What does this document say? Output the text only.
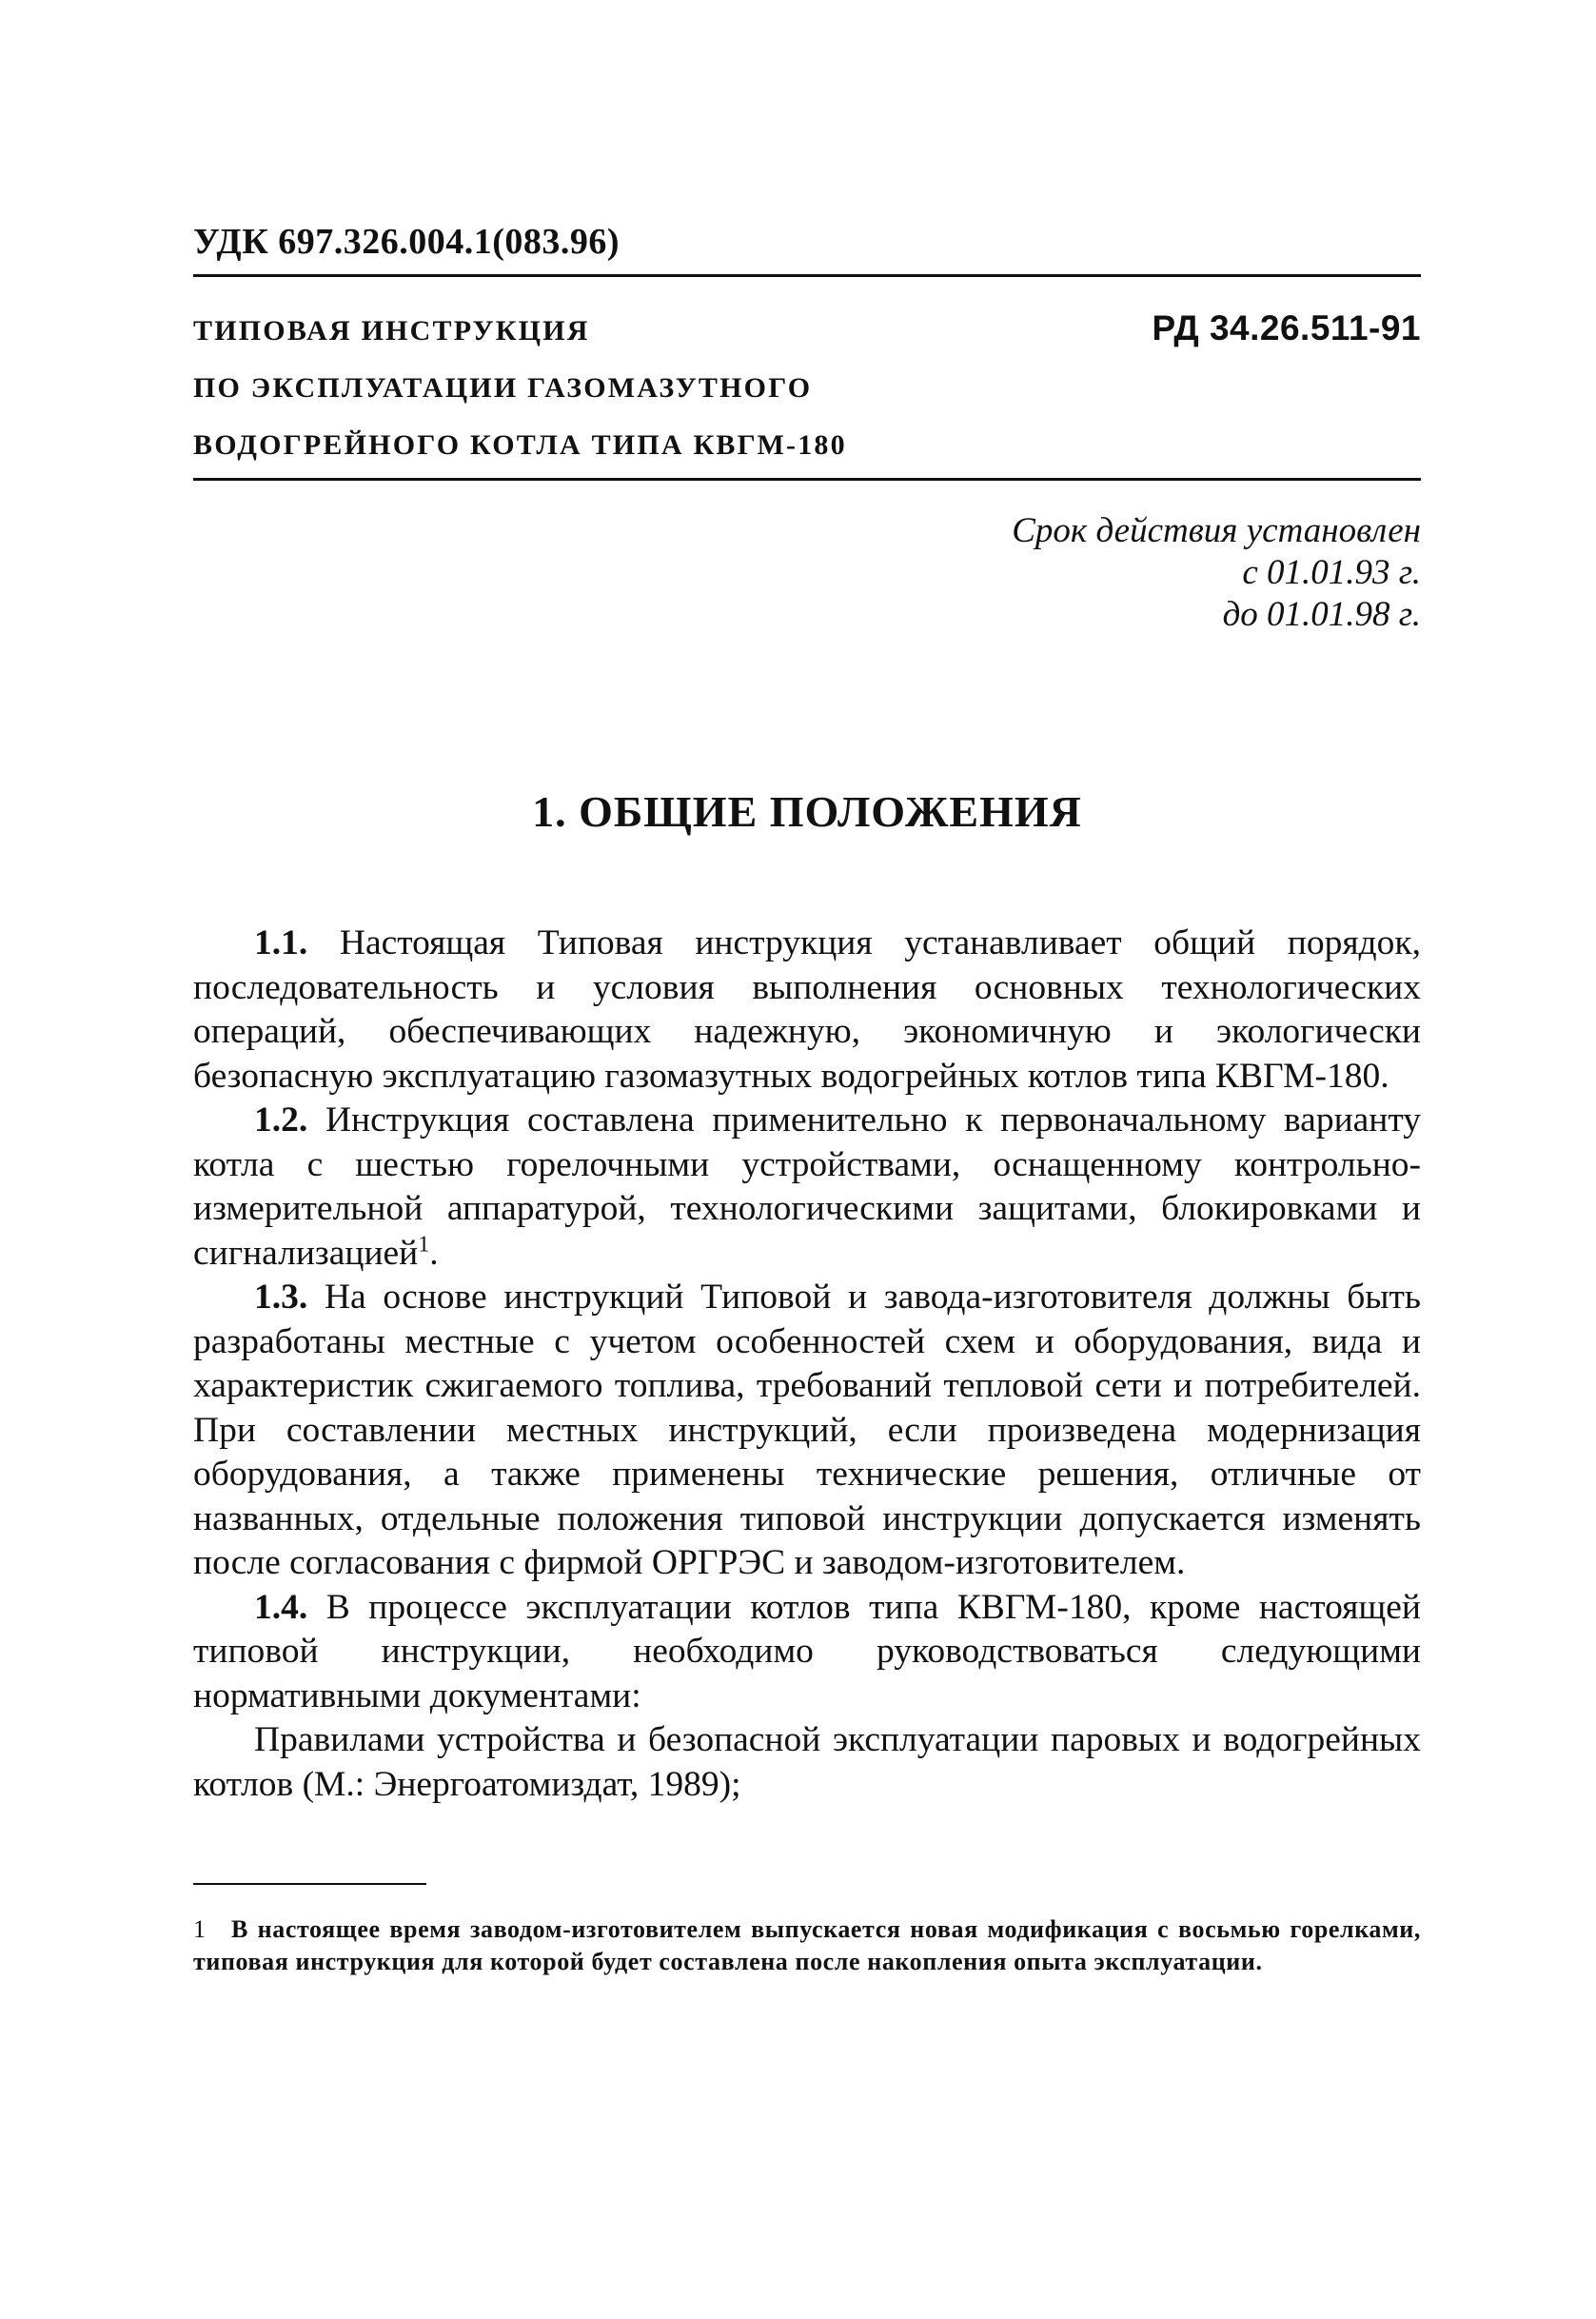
УДК 697.326.004.1(083.96)
ТИПОВАЯ ИНСТРУКЦИЯ
ПО ЭКСПЛУАТАЦИИ ГАЗОМАЗУТНОГО
ВОДОГРЕЙНОГО КОТЛА ТИПА КВГМ-180
РД 34.26.511-91
Срок действия установлен
с 01.01.93 г.
до 01.01.98 г.
1. ОБЩИЕ ПОЛОЖЕНИЯ

1.1. Настоящая Типовая инструкция устанавливает общий порядок, последовательность и условия выполнения основных технологических операций, обеспечивающих надежную, экономичную и экологически безопасную эксплуатацию газомазутных водогрейных котлов типа КВГМ-180.

1.2. Инструкция составлена применительно к первоначальному варианту котла с шестью горелочными устройствами, оснащенному контрольно-измерительной аппаратурой, технологическими защитами, блокировками и сигнализацией$^1$.

1.3. На основе инструкций Типовой и завода-изготовителя должны быть разработаны местные с учетом особенностей схем и оборудования, вида и характеристик сжигаемого топлива, требований тепловой сети и потребителей. При составлении местных инструкций, если произведена модернизация оборудования, а также применены технические решения, отличные от названных, отдельные положения типовой инструкции допускается изменять после согласования с фирмой ОРГРЭС и заводом-изготовителем.

1.4. В процессе эксплуатации котлов типа КВГМ-180, кроме настоящей типовой инструкции, необходимо руководствоваться следующими нормативными документами:

Правилами устройства и безопасной эксплуатации паровых и водогрейных котлов (М.: Энергоатомиздат, 1989);

1 В настоящее время заводом-изготовителем выпускается новая модификация с восьмью горелками, типовая инструкция для которой будет составлена после накопления опыта эксплуатации.
